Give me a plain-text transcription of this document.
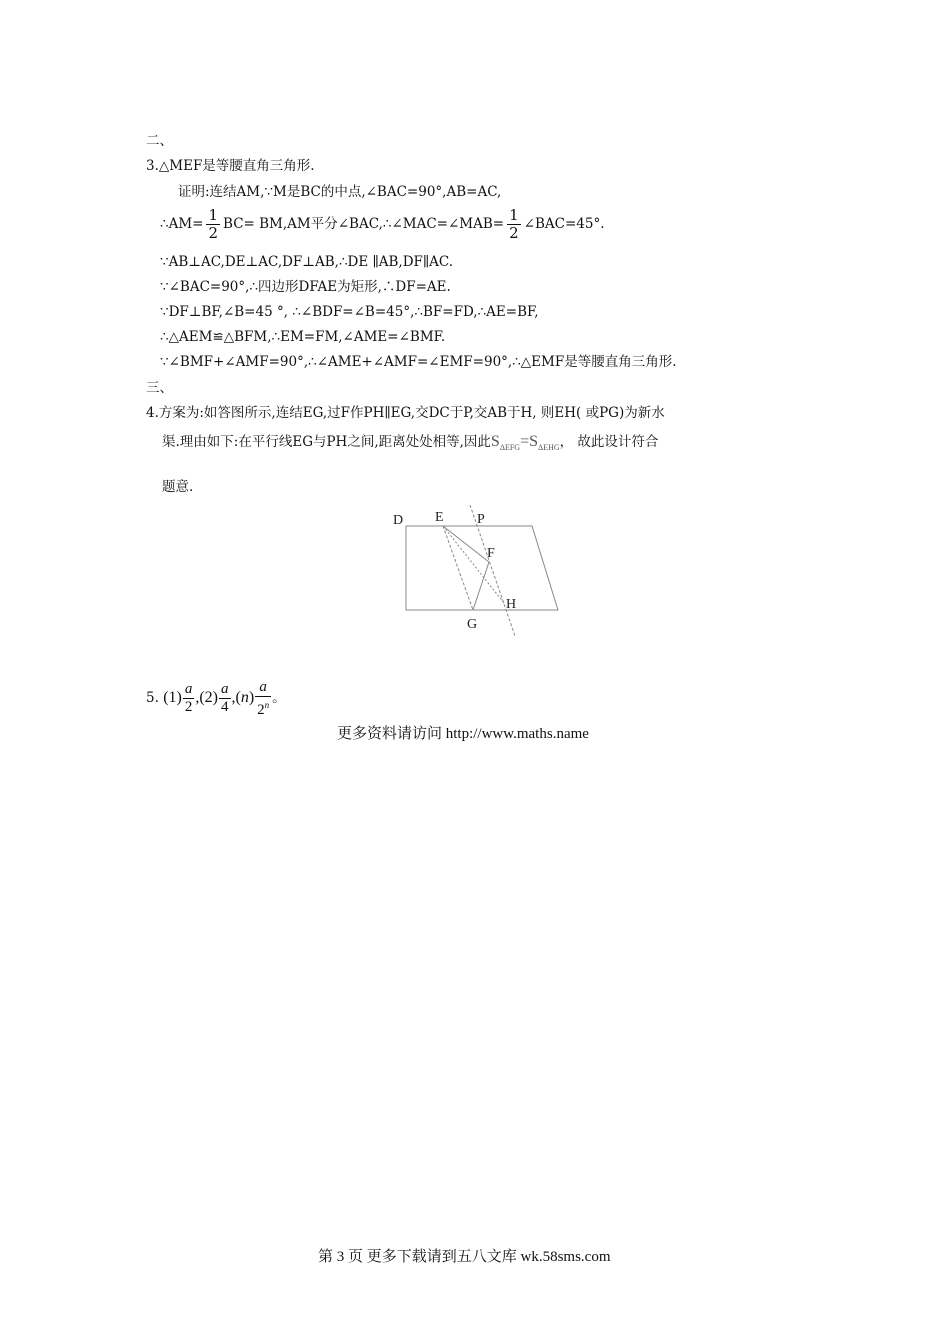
二、
3.△MEF是等腰直角三角形.
证明:连结AM,∵M是BC的中点,∠BAC=90°,AB=AC,
∴AM= $\frac{1}{2} BC= BM,AM$平分∠BAC,∴∠MAC=∠MAB= $\frac{1}{2}$ ∠BAC=45°.
∵AB⊥AC,DE⊥AC,DF⊥AB,∴DE ∥AB,DF∥AC.
∵∠BAC=90°,∴四边形DFAE为矩形,∴DF=AE.
∵DF⊥BF,∠B=45 °, ∴∠BDF=∠B=45°,∴BF=FD,∴AE=BF,
∴△AEM≌△BFM,∴EM=FM,∠AME=∠BMF.
∵∠BMF+∠AMF=90°,∴∠AME+∠AMF=∠EMF=90°,∴△EMF是等腰直角三角形.
三、
4.方案为:如答图所示,连结EG,过F作PH∥EG,交DC于P,交AB于H, 则EH( 或PG)为新水
渠.理由如下:在平行线EG与PH之间,距离处处相等,因此$S_{\Delta EFG}=S_{\Delta EHG}$， 故此设计符合
题意.
D E P
F
H
G
5. $(1) \frac{a}{2} ,(2) \frac{a}{4} ,(n) \frac{a}{2^n}$ 。
更多资料请访问 http://www.maths.name
第 3 页 更多下载请到五八文库 wk.58sms.com
